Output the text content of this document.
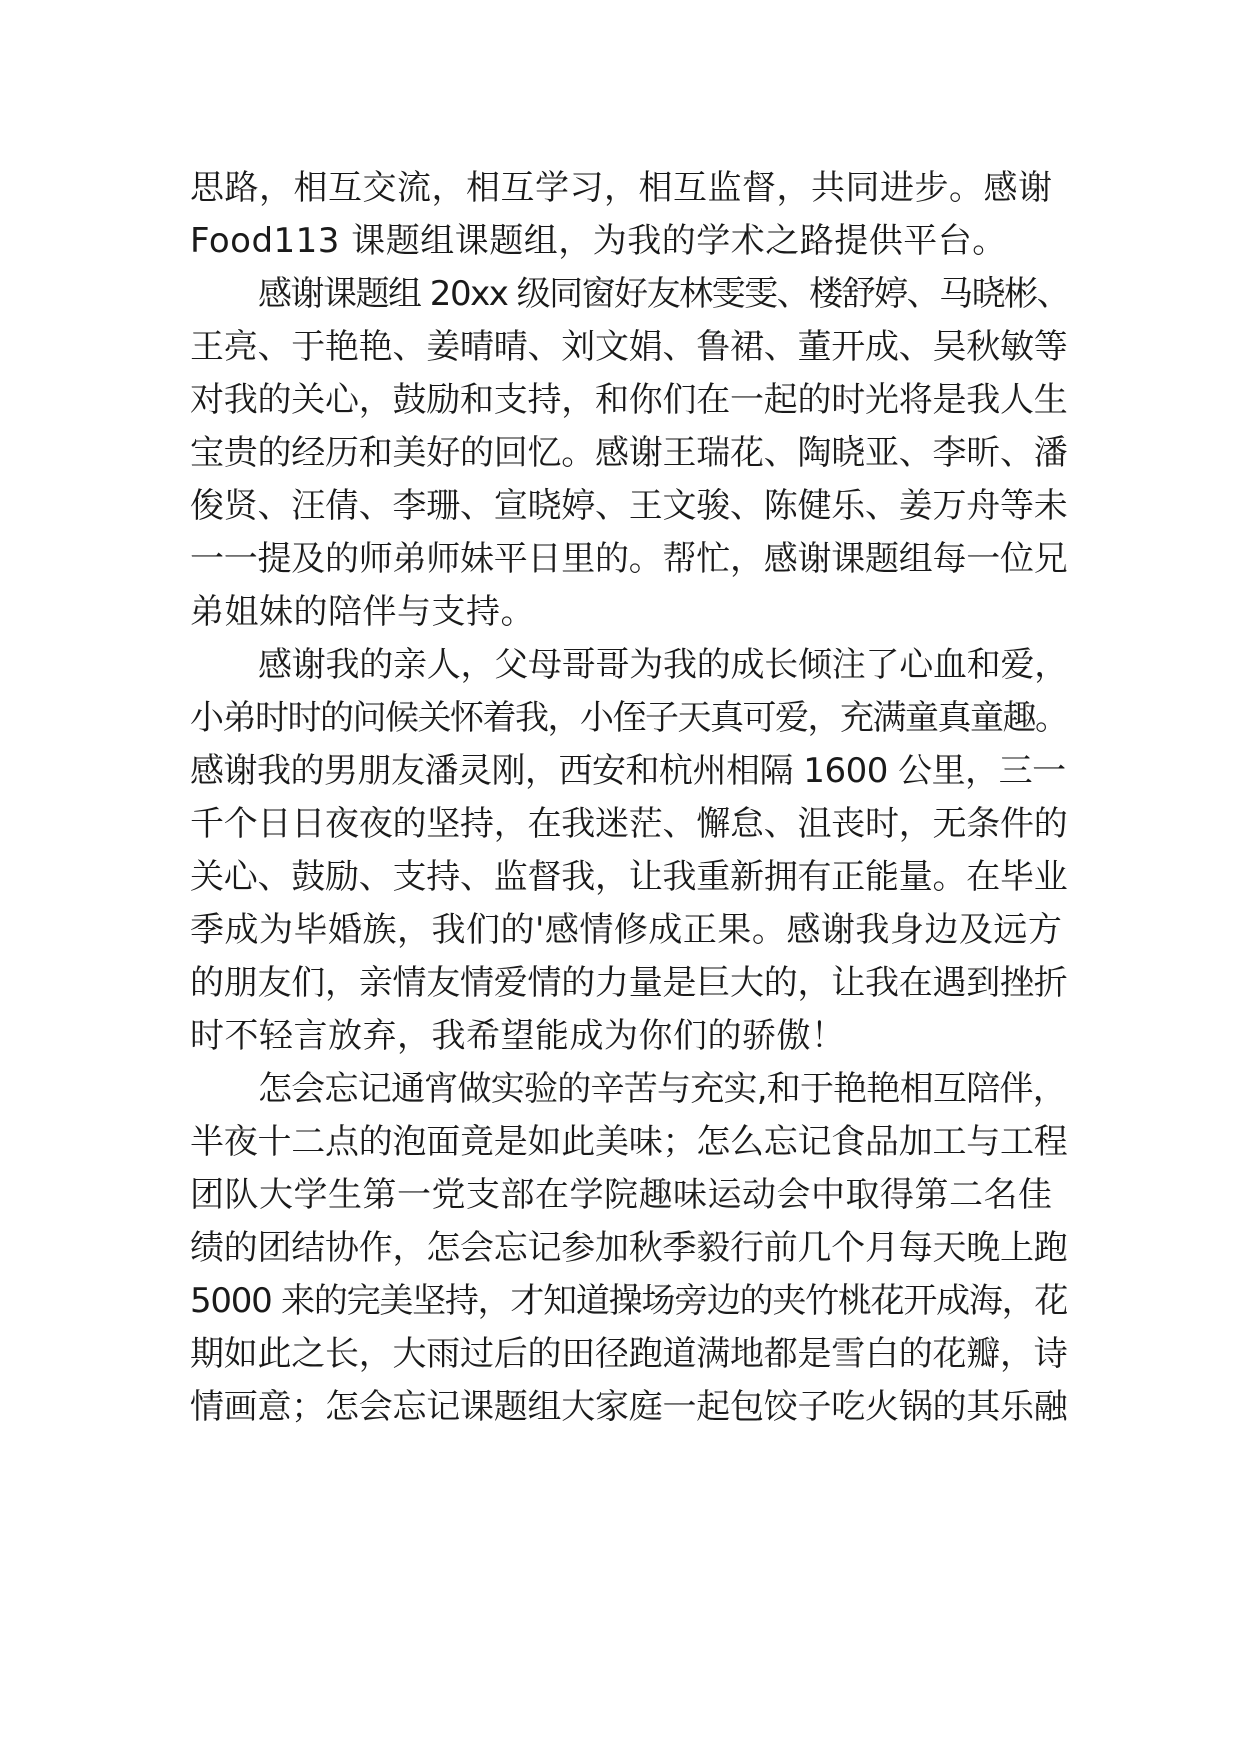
思路，相互交流，相互学习，相互监督，共同进步。感谢
Food113 课题组课题组，为我的学术之路提供平台。
感谢课题组 20xx 级同窗好友林雯雯、楼舒婷、马晓彬、
王亮、于艳艳、姜晴晴、刘文娟、鲁裙、董开成、吴秋敏等
对我的关心，鼓励和支持，和你们在一起的时光将是我人生
宝贵的经历和美好的回忆。感谢王瑞花、陶晓亚、李昕、潘
俊贤、汪倩、李珊、宣晓婷、王文骏、陈健乐、姜万舟等未
一一提及的师弟师妹平日里的。帮忙，感谢课题组每一位兄
弟姐妹的陪伴与支持。
感谢我的亲人，父母哥哥为我的成长倾注了心血和爱，
小弟时时的问候关怀着我，小侄子天真可爱，充满童真童趣。
感谢我的男朋友潘灵刚，西安和杭州相隔 1600 公里，三一
千个日日夜夜的坚持，在我迷茫、懈怠、沮丧时，无条件的
关心、鼓励、支持、监督我，让我重新拥有正能量。在毕业
季成为毕婚族，我们的'感情修成正果。感谢我身边及远方
的朋友们，亲情友情爱情的力量是巨大的，让我在遇到挫折
时不轻言放弃，我希望能成为你们的骄傲！
怎会忘记通宵做实验的辛苦与充实,和于艳艳相互陪伴，
半夜十二点的泡面竟是如此美味；怎么忘记食品加工与工程
团队大学生第一党支部在学院趣味运动会中取得第二名佳
绩的团结协作，怎会忘记参加秋季毅行前几个月每天晚上跑
5000 来的完美坚持，才知道操场旁边的夹竹桃花开成海，花
期如此之长，大雨过后的田径跑道满地都是雪白的花瓣，诗
情画意；怎会忘记课题组大家庭一起包饺子吃火锅的其乐融
